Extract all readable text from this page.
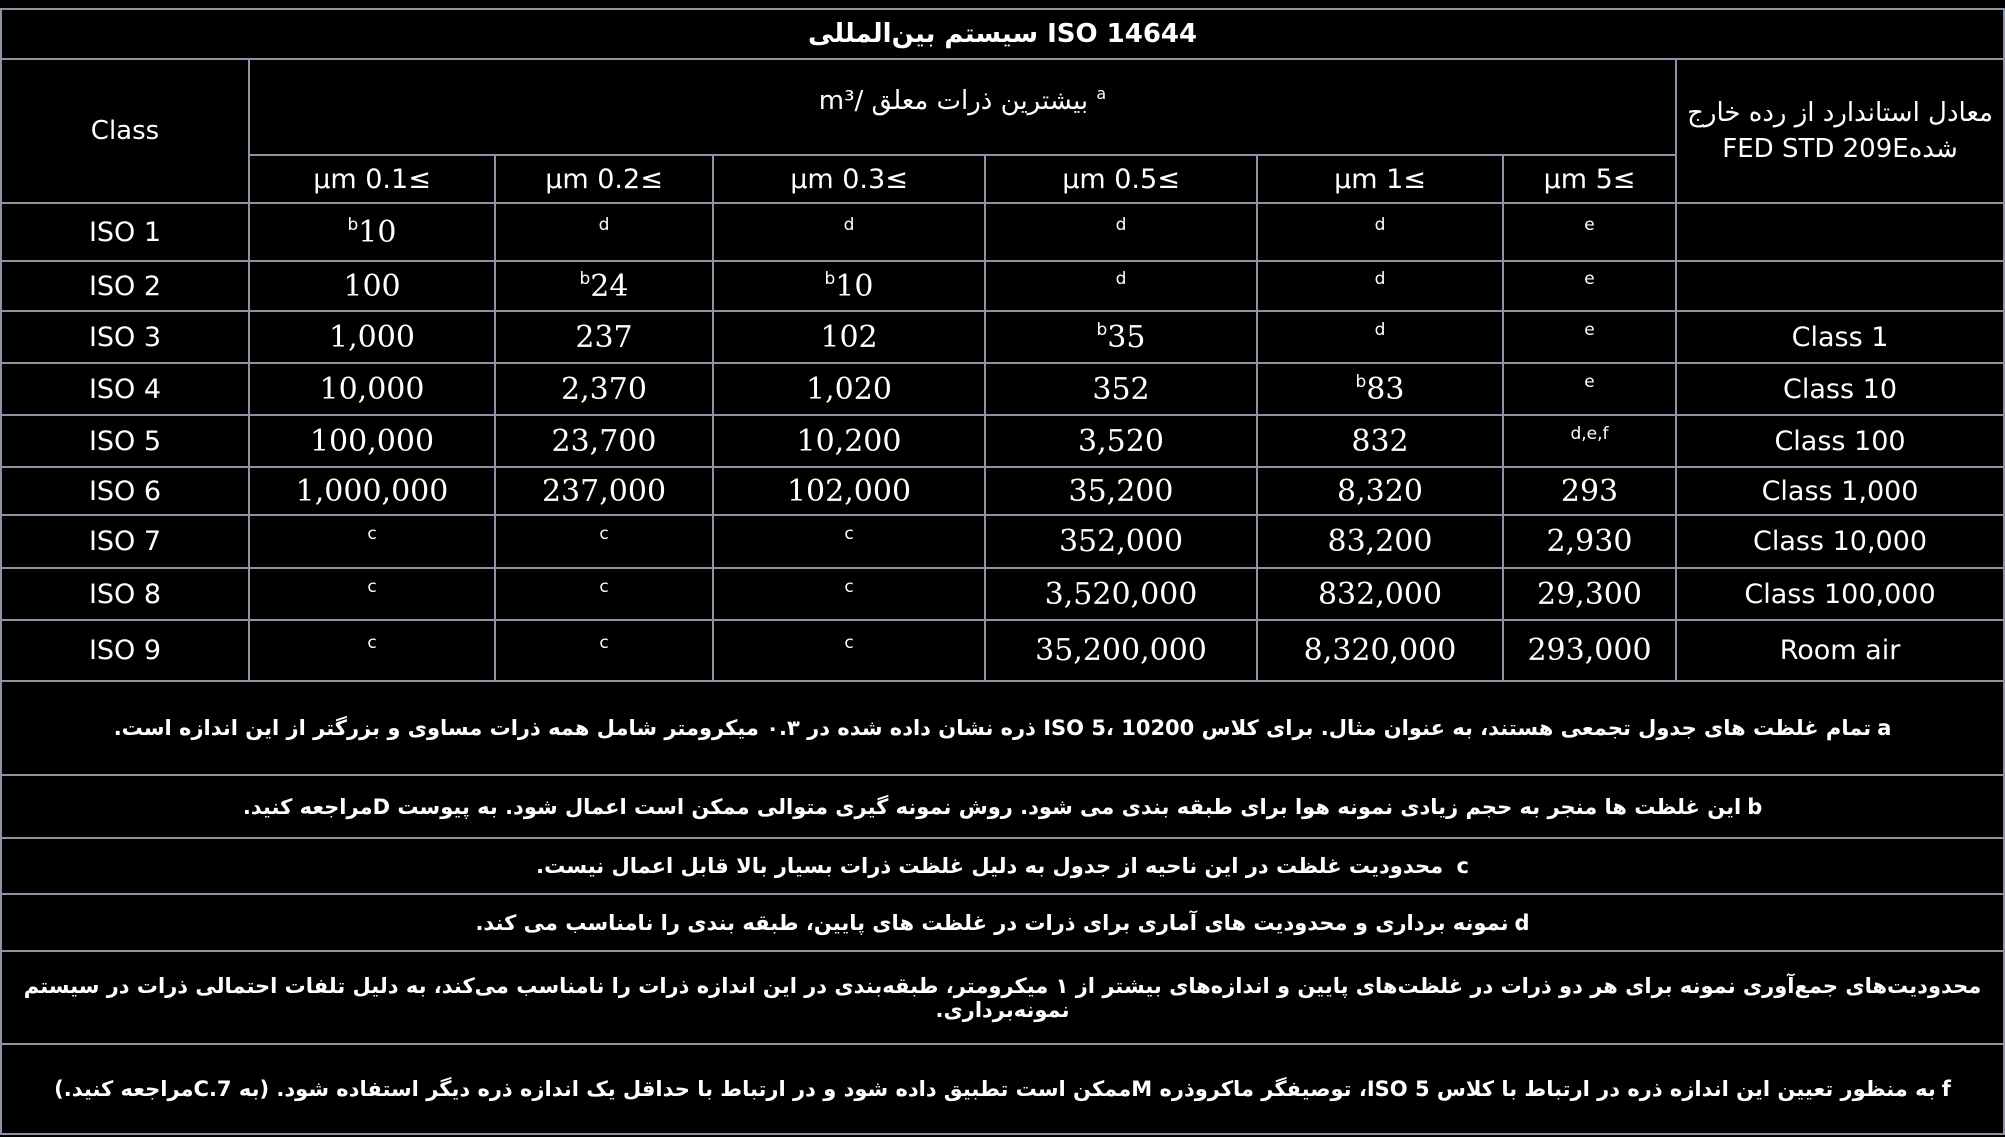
سیستم بین‌المللی ISO 14644							
Class	بیشترین ذرات معلق /m³ $^a$						معادل استاندارد از رده خارج
شدهFED STD 209E

	µm 0.1≤	µm 0.2≤	µm 0.3≤	µm 0.5≤	µm 1≤	µm 5≤	
ISO 1	$^b$10	$^d$	$^d$	$^d$	$^d$	$^e$	
ISO 2	100	$^b$24	$^b$10	$^d$	$^d$	$^e$	
ISO 3	1,000	237	102	$^b$35	$^d$	$^e$	Class 1
ISO 4	10,000	2,370	1,020	352	$^b$83	$^e$	Class 10
ISO 5	100,000	23,700	10,200	3,520	832	$^{d,e,f}$	Class 100
ISO 6	1,000,000	237,000	102,000	35,200	8,320	293	Class 1,000
ISO 7	$^c$	$^c$	$^c$	352,000	83,200	2,930	Class 10,000
ISO 8	$^c$	$^c$	$^c$	3,520,000	832,000	29,300	Class 100,000
ISO 9	$^c$	$^c$	$^c$	35,200,000	8,320,000	293,000	Room air
aتمام غلظت های جدول تجمعی هستند، به عنوان مثال. برای کلاس ISO 5، 10200 ذره نشان داده شده در ۰.۳ میکرومتر شامل همه ذرات مساوی و بزرگتر از این اندازه است.							
bاین غلظت ها منجر به حجم زیادی نمونه هوا برای طبقه بندی می شود. روش نمونه گیری متوالی ممکن است اعمال شود. به پیوست Dمراجعه کنید.							
c محدودیت غلظت در این ناحیه از جدول به دلیل غلظت ذرات بسیار بالا قابل اعمال نیست.							
dنمونه برداری و محدودیت های آماری برای ذرات در غلظت های پایین، طبقه بندی را نامناسب می کند.							
محدودیت‌های جمع‌آوری نمونه برای هر دو ذرات در غلظت‌های پایین و اندازه‌های بیشتر از ۱ میکرومتر، طبقه‌بندی در این اندازه ذرات را نامناسب می‌کند، به دلیل تلفات احتمالی ذرات در سیستم نمونه‌برداری.							
fبه منظور تعیین این اندازه ذره در ارتباط با کلاس ISO 5، توصیفگر ماکروذره Mممکن است تطبیق داده شود و در ارتباط با حداقل یک اندازه ذره دیگر استفاده شود. (به C.7مراجعه کنید.)							
